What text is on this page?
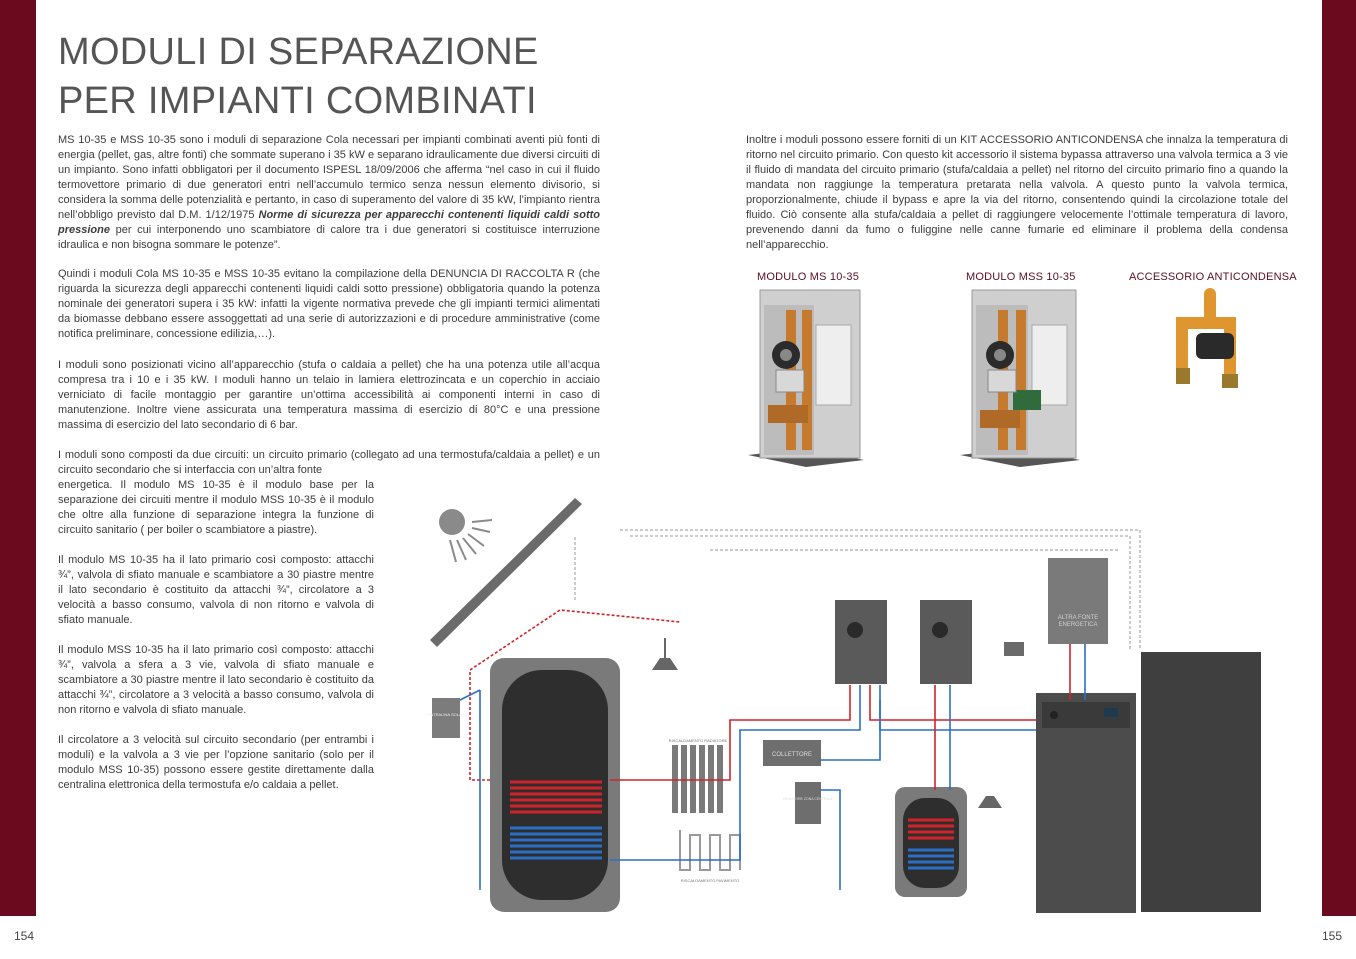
MODULI DI SEPARAZIONE
PER IMPIANTI COMBINATI

MS 10-35 e MSS 10-35 sono i moduli di separazione Cola necessari per impianti combinati aventi più fonti di energia (pellet, gas, altre fonti) che sommate superano i 35 kW e separano idraulicamente due diversi circuiti di un impianto. Sono infatti obbligatori per il documento ISPESL 18/09/2006 che afferma “nel caso in cui il fluido termovettore primario di due generatori entri nell’accumulo termico senza nessun elemento divisorio, si considera la somma delle potenzialità e pertanto, in caso di superamento del valore di 35 kW, l’impianto rientra nell’obbligo previsto dal D.M. 1/12/1975 Norme di sicurezza per apparecchi contenenti liquidi caldi sotto pressione per cui interponendo uno scambiatore di calore tra i due generatori si costituisce interruzione idraulica e non bisogna sommare le potenze”.

Quindi i moduli Cola MS 10-35 e MSS 10-35 evitano la compilazione della DENUNCIA DI RACCOLTA R (che riguarda la sicurezza degli apparecchi contenenti liquidi caldi sotto pressione) obbligatoria quando la potenza nominale dei generatori supera i 35 kW: infatti la vigente normativa prevede che gli impianti termici alimentati da biomasse debbano essere assoggettati ad una serie di autorizzazioni e di procedure amministrative (come notifica preliminare, concessione edilizia,…).

I moduli sono posizionati vicino all’apparecchio (stufa o caldaia a pellet) che ha una potenza utile all’acqua compresa tra i 10 e i 35 kW. I moduli hanno un telaio in lamiera elettrozincata e un coperchio in acciaio verniciato di facile montaggio per garantire un’ottima accessibilità ai componenti interni in caso di manutenzione. Inoltre viene assicurata una temperatura massima di esercizio di 80°C e una pressione massima di esercizio del lato secondario di 6 bar.

I moduli sono composti da due circuiti: un circuito primario (collegato ad una termostufa/caldaia a pellet) e un circuito secondario che si interfaccia con un’altra fonte

energetica. Il modulo MS 10-35 è il modulo base per la separazione dei circuiti mentre il modulo MSS 10-35 è il modulo che oltre alla funzione di separazione integra la funzione di circuito sanitario ( per boiler o scambiatore a piastre).

Il modulo MS 10-35 ha il lato primario così composto: attacchi ¾”, valvola di sfiato manuale e scambiatore a 30 piastre mentre il lato secondario è costituito da attacchi ¾”, circolatore a 3 velocità a basso consumo, valvola di non ritorno e valvola di sfiato manuale.

Il modulo MSS 10-35 ha il lato primario così composto: attacchi ¾”, valvola a sfera a 3 vie, valvola di sfiato manuale e scambiatore a 30 piastre mentre il lato secondario è costituito da attacchi ¾”, circolatore a 3 velocità a basso consumo, valvola di non ritorno e valvola di sfiato manuale.

Il circolatore a 3 velocità sul circuito secondario (per entrambi i moduli) e la valvola a 3 vie per l’opzione sanitario (solo per il modulo MSS 10-35) possono essere gestite direttamente dalla centralina elettronica della termostufa e/o caldaia a pellet.

Inoltre i moduli possono essere forniti di un KIT ACCESSORIO ANTICONDENSA che innalza la temperatura di ritorno nel circuito primario. Con questo kit accessorio il sistema bypassa attraverso una valvola termica a 3 vie il fluido di mandata del circuito primario (stufa/caldaia a pellet) nel ritorno del circuito primario fino a quando la mandata non raggiunge la temperatura pretarata nella valvola. A questo punto la valvola termica, proporzionalmente, chiude il bypass e apre la via del ritorno, consentendo quindi la circolazione totale del fluido. Ciò consente alla stufa/caldaia a pellet di raggiungere velocemente l’ottimale temperatura di lavoro, prevenendo danni da fumo o fuliggine nelle canne fumarie ed eliminare il problema della condensa nell’apparecchio.

MODULO MS 10-35	MODULO MSS 10-35	ACCESSORIO ANTICONDENSA
CENTRALINA SOLARE
RISCALDAMENTO RADIATORE
RISCALDAMENTO PAVIMENTO
COLLETTORE
DEVIATORE ZONA CENTRALE
ALTRA FONTE
ENERGETICA
154	155
